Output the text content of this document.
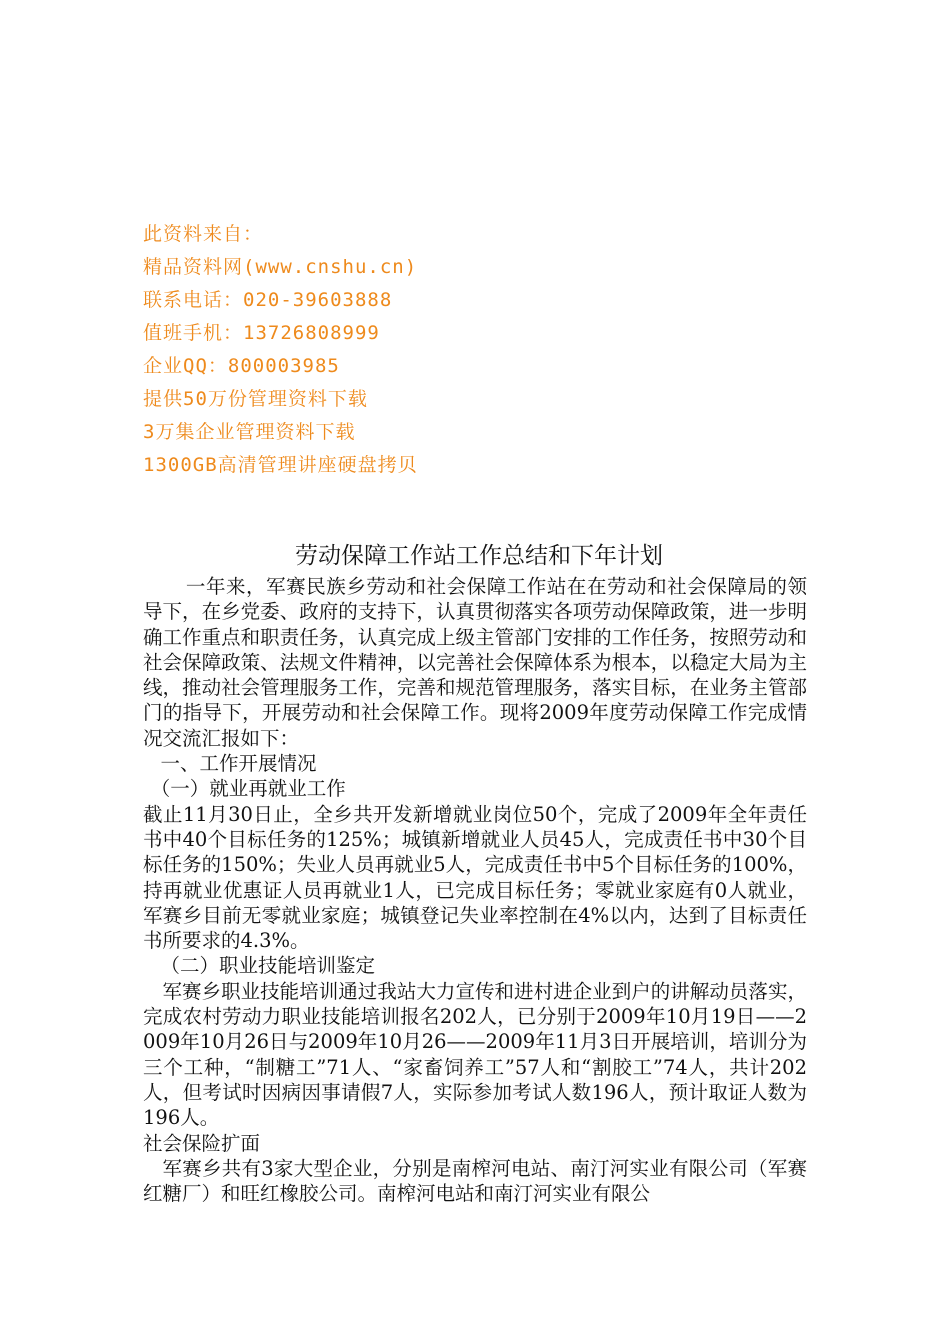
此资料来自：
精品资料网(www.cnshu.cn)
联系电话：020-39603888
值班手机：13726808999
企业QQ：800003985
提供50万份管理资料下载
3万集企业管理资料下载
1300GB高清管理讲座硬盘拷贝
劳动保障工作站工作总结和下年计划

一年来，军赛民族乡劳动和社会保障工作站在在劳动和社会保障局的领导下，在乡党委、政府的支持下，认真贯彻落实各项劳动保障政策，进一步明确工作重点和职责任务，认真完成上级主管部门安排的工作任务，按照劳动和社会保障政策、法规文件精神，以完善社会保障体系为根本，以稳定大局为主线，推动社会管理服务工作，完善和规范管理服务，落实目标，在业务主管部门的指导下，开展劳动和社会保障工作。现将2009年度劳动保障工作完成情况交流汇报如下：

一、工作开展情况

（一）就业再就业工作

截止11月30日止，全乡共开发新增就业岗位50个，完成了2009年全年责任书中40个目标任务的125%；城镇新增就业人员45人，完成责任书中30个目标任务的150%；失业人员再就业5人，完成责任书中5个目标任务的100%，持再就业优惠证人员再就业1人，已完成目标任务；零就业家庭有0人就业，军赛乡目前无零就业家庭；城镇登记失业率控制在4%以内，达到了目标责任书所要求的4.3%。

（二）职业技能培训鉴定

军赛乡职业技能培训通过我站大力宣传和进村进企业到户的讲解动员落实，完成农村劳动力职业技能培训报名202人，已分别于2009年10月19日——2009年10月26日与2009年10月26——2009年11月3日开展培训，培训分为三个工种，“制糖工”71人、“家畜饲养工”57人和“割胶工”74人，共计202人，但考试时因病因事请假7人，实际参加考试人数196人，预计取证人数为196人。

社会保险扩面

军赛乡共有3家大型企业，分别是南榨河电站、南汀河实业有限公司（军赛红糖厂）和旺红橡胶公司。南榨河电站和南汀河实业有限公
